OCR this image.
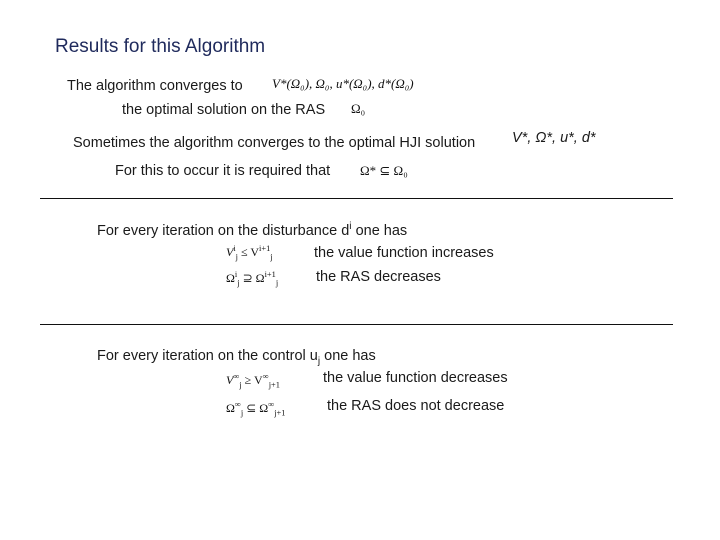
Results for this Algorithm
The algorithm converges to V*(Ω₀), Ω₀, u*(Ω₀), d*(Ω₀)
the optimal solution on the RAS Ω₀
Sometimes the algorithm converges to the optimal HJI solution	V*, Ω*, u*, d*
For this to occur it is required that Ω* ⊆ Ω₀
For every iteration on the disturbance $d^i$ one has
$V^i_j \le V^{i+1}_j$	the value function increases
$\Omega^i_j$ ⊇ $\Omega^{i+1}_j$	the RAS decreases
For every iteration on the control $u_j$ one has
$V^\infty_j \ge V^\infty_{j+1}$	the value function decreases
$\Omega^\infty_j$ ⊆ $\Omega^\infty_{j+1}$	the RAS does not decrease
